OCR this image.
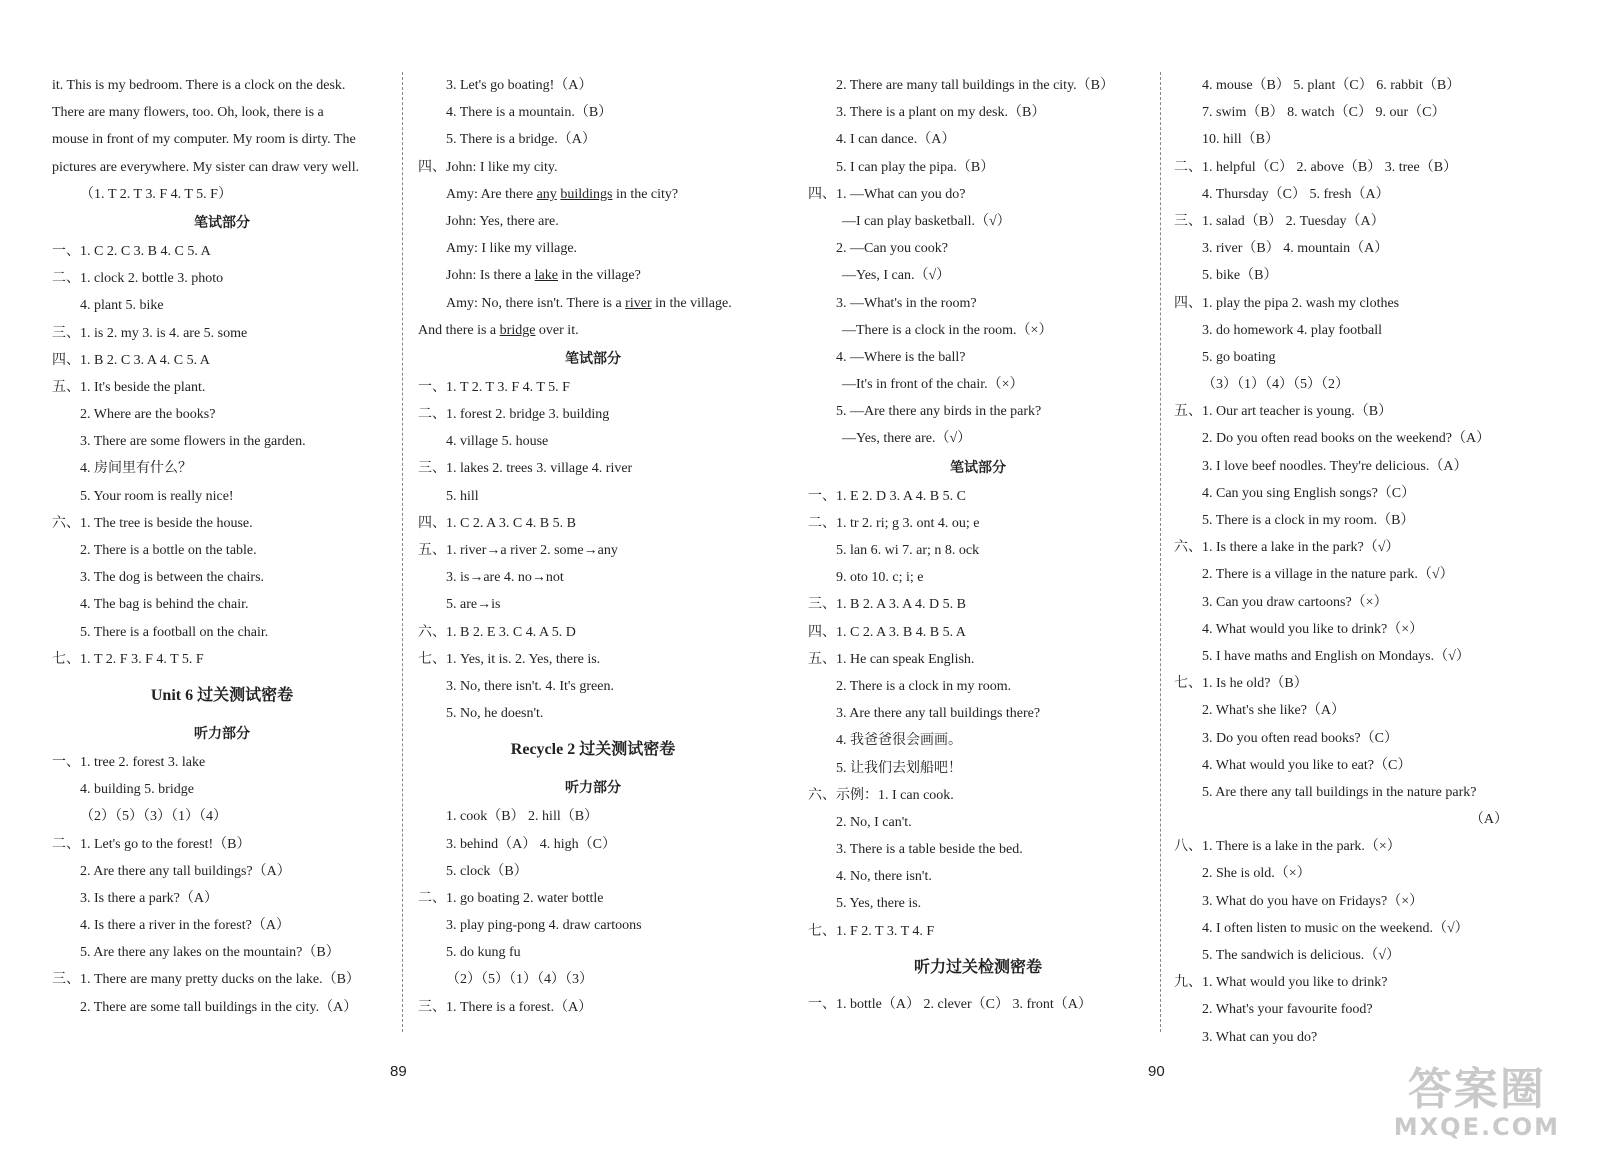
it. This is my bedroom. There is a clock on the desk.
There are many flowers, too. Oh, look, there is a
mouse in front of my computer. My room is dirty. The
pictures are everywhere. My sister can draw very well.
（1. T 2. T 3. F 4. T 5. F）
笔试部分
一、1. C 2. C 3. B 4. C 5. A
二、1. clock 2. bottle 3. photo
4. plant 5. bike
三、1. is 2. my 3. is 4. are 5. some
四、1. B 2. C 3. A 4. C 5. A
五、1. It's beside the plant.
2. Where are the books?
3. There are some flowers in the garden.
4. 房间里有什么？
5. Your room is really nice!
六、1. The tree is beside the house.
2. There is a bottle on the table.
3. The dog is between the chairs.
4. The bag is behind the chair.
5. There is a football on the chair.
七、1. T 2. F 3. F 4. T 5. F
Unit 6 过关测试密卷
听力部分
一、1. tree 2. forest 3. lake
4. building 5. bridge
（2）（5）（3）（1）（4）
二、1. Let's go to the forest!（B）
2. Are there any tall buildings?（A）
3. Is there a park?（A）
4. Is there a river in the forest?（A）
5. Are there any lakes on the mountain?（B）
三、1. There are many pretty ducks on the lake.（B）
2. There are some tall buildings in the city.（A）
3. Let's go boating!（A）
4. There is a mountain.（B）
5. There is a bridge.（A）
四、John: I like my city.
Amy: Are there any buildings in the city?
John: Yes, there are.
Amy: I like my village.
John: Is there a lake in the village?
Amy: No, there isn't. There is a river in the village.
And there is a bridge over it.
笔试部分
一、1. T 2. T 3. F 4. T 5. F
二、1. forest 2. bridge 3. building
4. village 5. house
三、1. lakes 2. trees 3. village 4. river
5. hill
四、1. C 2. A 3. C 4. B 5. B
五、1. river→a river 2. some→any
3. is→are 4. no→not
5. are→is
六、1. B 2. E 3. C 4. A 5. D
七、1. Yes, it is. 2. Yes, there is.
3. No, there isn't. 4. It's green.
5. No, he doesn't.
Recycle 2 过关测试密卷
听力部分
1. cook（B） 2. hill（B）
3. behind（A） 4. high（C）
5. clock（B）
二、1. go boating 2. water bottle
3. play ping-pong 4. draw cartoons
5. do kung fu
（2）（5）（1）（4）（3）
三、1. There is a forest.（A）
2. There are many tall buildings in the city.（B）
3. There is a plant on my desk.（B）
4. I can dance.（A）
5. I can play the pipa.（B）
四、1. —What can you do?
—I can play basketball.（√）
2. —Can you cook?
—Yes, I can.（√）
3. —What's in the room?
—There is a clock in the room.（×）
4. —Where is the ball?
—It's in front of the chair.（×）
5. —Are there any birds in the park?
—Yes, there are.（√）
笔试部分
一、1. E 2. D 3. A 4. B 5. C
二、1. tr 2. ri; g 3. ont 4. ou; e
5. lan 6. wi 7. ar; n 8. ock
9. oto 10. c; i; e
三、1. B 2. A 3. A 4. D 5. B
四、1. C 2. A 3. B 4. B 5. A
五、1. He can speak English.
2. There is a clock in my room.
3. Are there any tall buildings there?
4. 我爸爸很会画画。
5. 让我们去划船吧！
六、示例：1. I can cook.
2. No, I can't.
3. There is a table beside the bed.
4. No, there isn't.
5. Yes, there is.
七、1. F 2. T 3. T 4. F
听力过关检测密卷
一、1. bottle（A） 2. clever（C） 3. front（A）
4. mouse（B） 5. plant（C） 6. rabbit（B）
7. swim（B） 8. watch（C） 9. our（C）
10. hill（B）
二、1. helpful（C） 2. above（B） 3. tree（B）
4. Thursday（C） 5. fresh（A）
三、1. salad（B） 2. Tuesday（A）
3. river（B） 4. mountain（A）
5. bike（B）
四、1. play the pipa 2. wash my clothes
3. do homework 4. play football
5. go boating
（3）（1）（4）（5）（2）
五、1. Our art teacher is young.（B）
2. Do you often read books on the weekend?（A）
3. I love beef noodles. They're delicious.（A）
4. Can you sing English songs?（C）
5. There is a clock in my room.（B）
六、1. Is there a lake in the park?（√）
2. There is a village in the nature park.（√）
3. Can you draw cartoons?（×）
4. What would you like to drink?（×）
5. I have maths and English on Mondays.（√）
七、1. Is he old?（B）
2. What's she like?（A）
3. Do you often read books?（C）
4. What would you like to eat?（C）
5. Are there any tall buildings in the nature park?
（A）
八、1. There is a lake in the park.（×）
2. She is old.（×）
3. What do you have on Fridays?（×）
4. I often listen to music on the weekend.（√）
5. The sandwich is delicious.（√）
九、1. What would you like to drink?
2. What's your favourite food?
3. What can you do?
89	90	答案圈
MXQE.COM
